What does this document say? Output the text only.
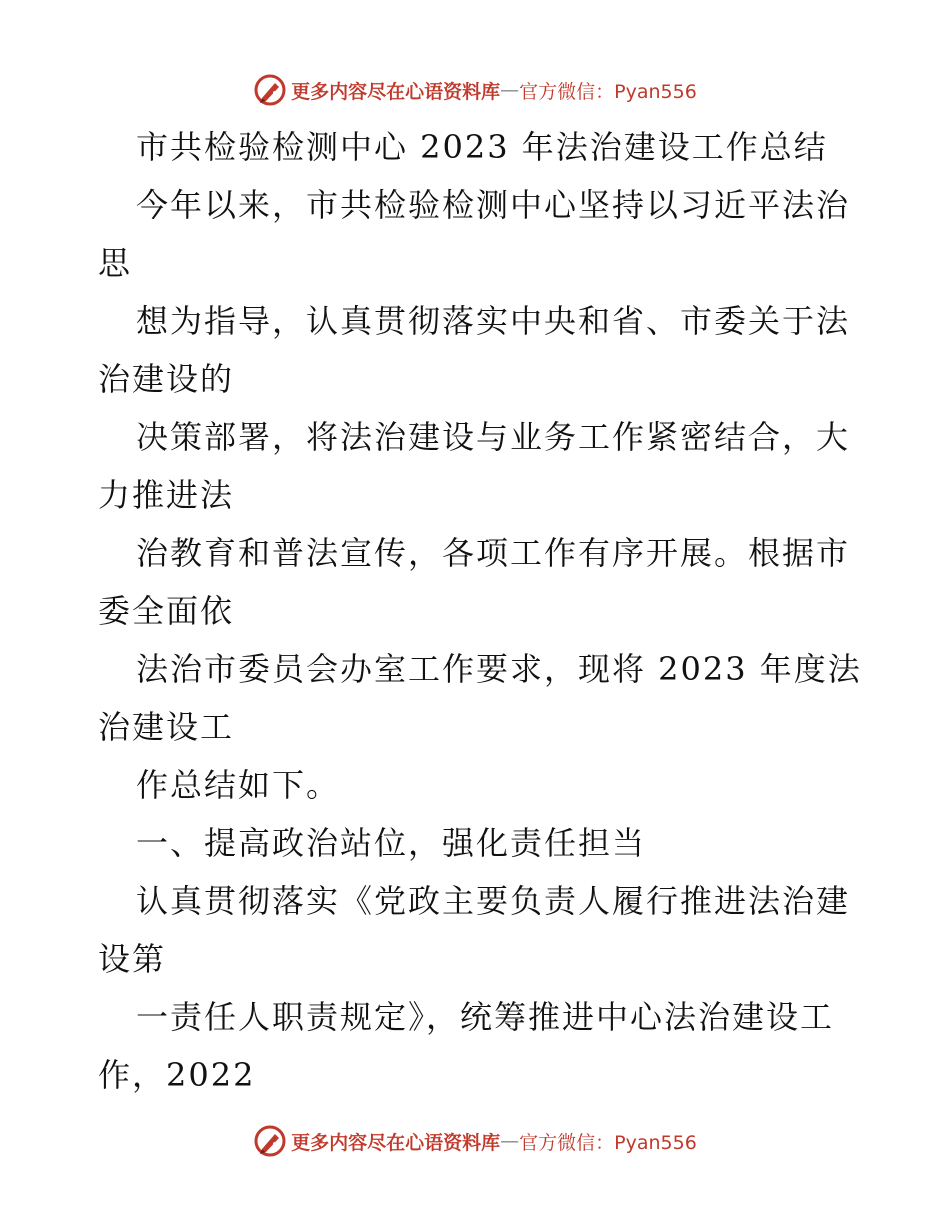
更多内容尽在心语资料库 — 官方微信：Pyan556
市共检验检测中心 2023 年法治建设工作总结
今年以来，市共检验检测中心坚持以习近平法治
思
想为指导，认真贯彻落实中央和省、市委关于法
治建设的
决策部署，将法治建设与业务工作紧密结合，大
力推进法
治教育和普法宣传，各项工作有序开展。根据市
委全面依
法治市委员会办室工作要求，现将 2023 年度法
治建设工
作总结如下。
一、提高政治站位，强化责任担当
认真贯彻落实《党政主要负责人履行推进法治建
设第
一责任人职责规定》，统筹推进中心法治建设工
作，2022
更多内容尽在心语资料库 — 官方微信：Pyan556
